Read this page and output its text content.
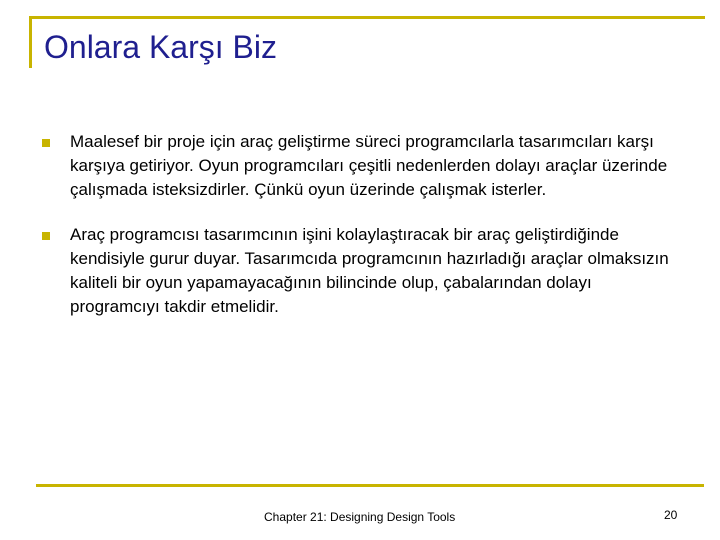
Onlara Karşı Biz
Maalesef bir proje için araç geliştirme süreci programcılarla tasarımcıları karşı karşıya getiriyor. Oyun programcıları çeşitli nedenlerden dolayı araçlar üzerinde çalışmada isteksizdirler. Çünkü oyun üzerinde çalışmak isterler.
Araç programcısı tasarımcının işini kolaylaştıracak bir araç geliştirdiğinde kendisiyle gurur duyar. Tasarımcıda programcının hazırladığı araçlar olmaksızın kaliteli bir oyun yapamayacağının bilincinde olup, çabalarından dolayı programcıyı takdir etmelidir.
Chapter 21: Designing Design Tools	20
